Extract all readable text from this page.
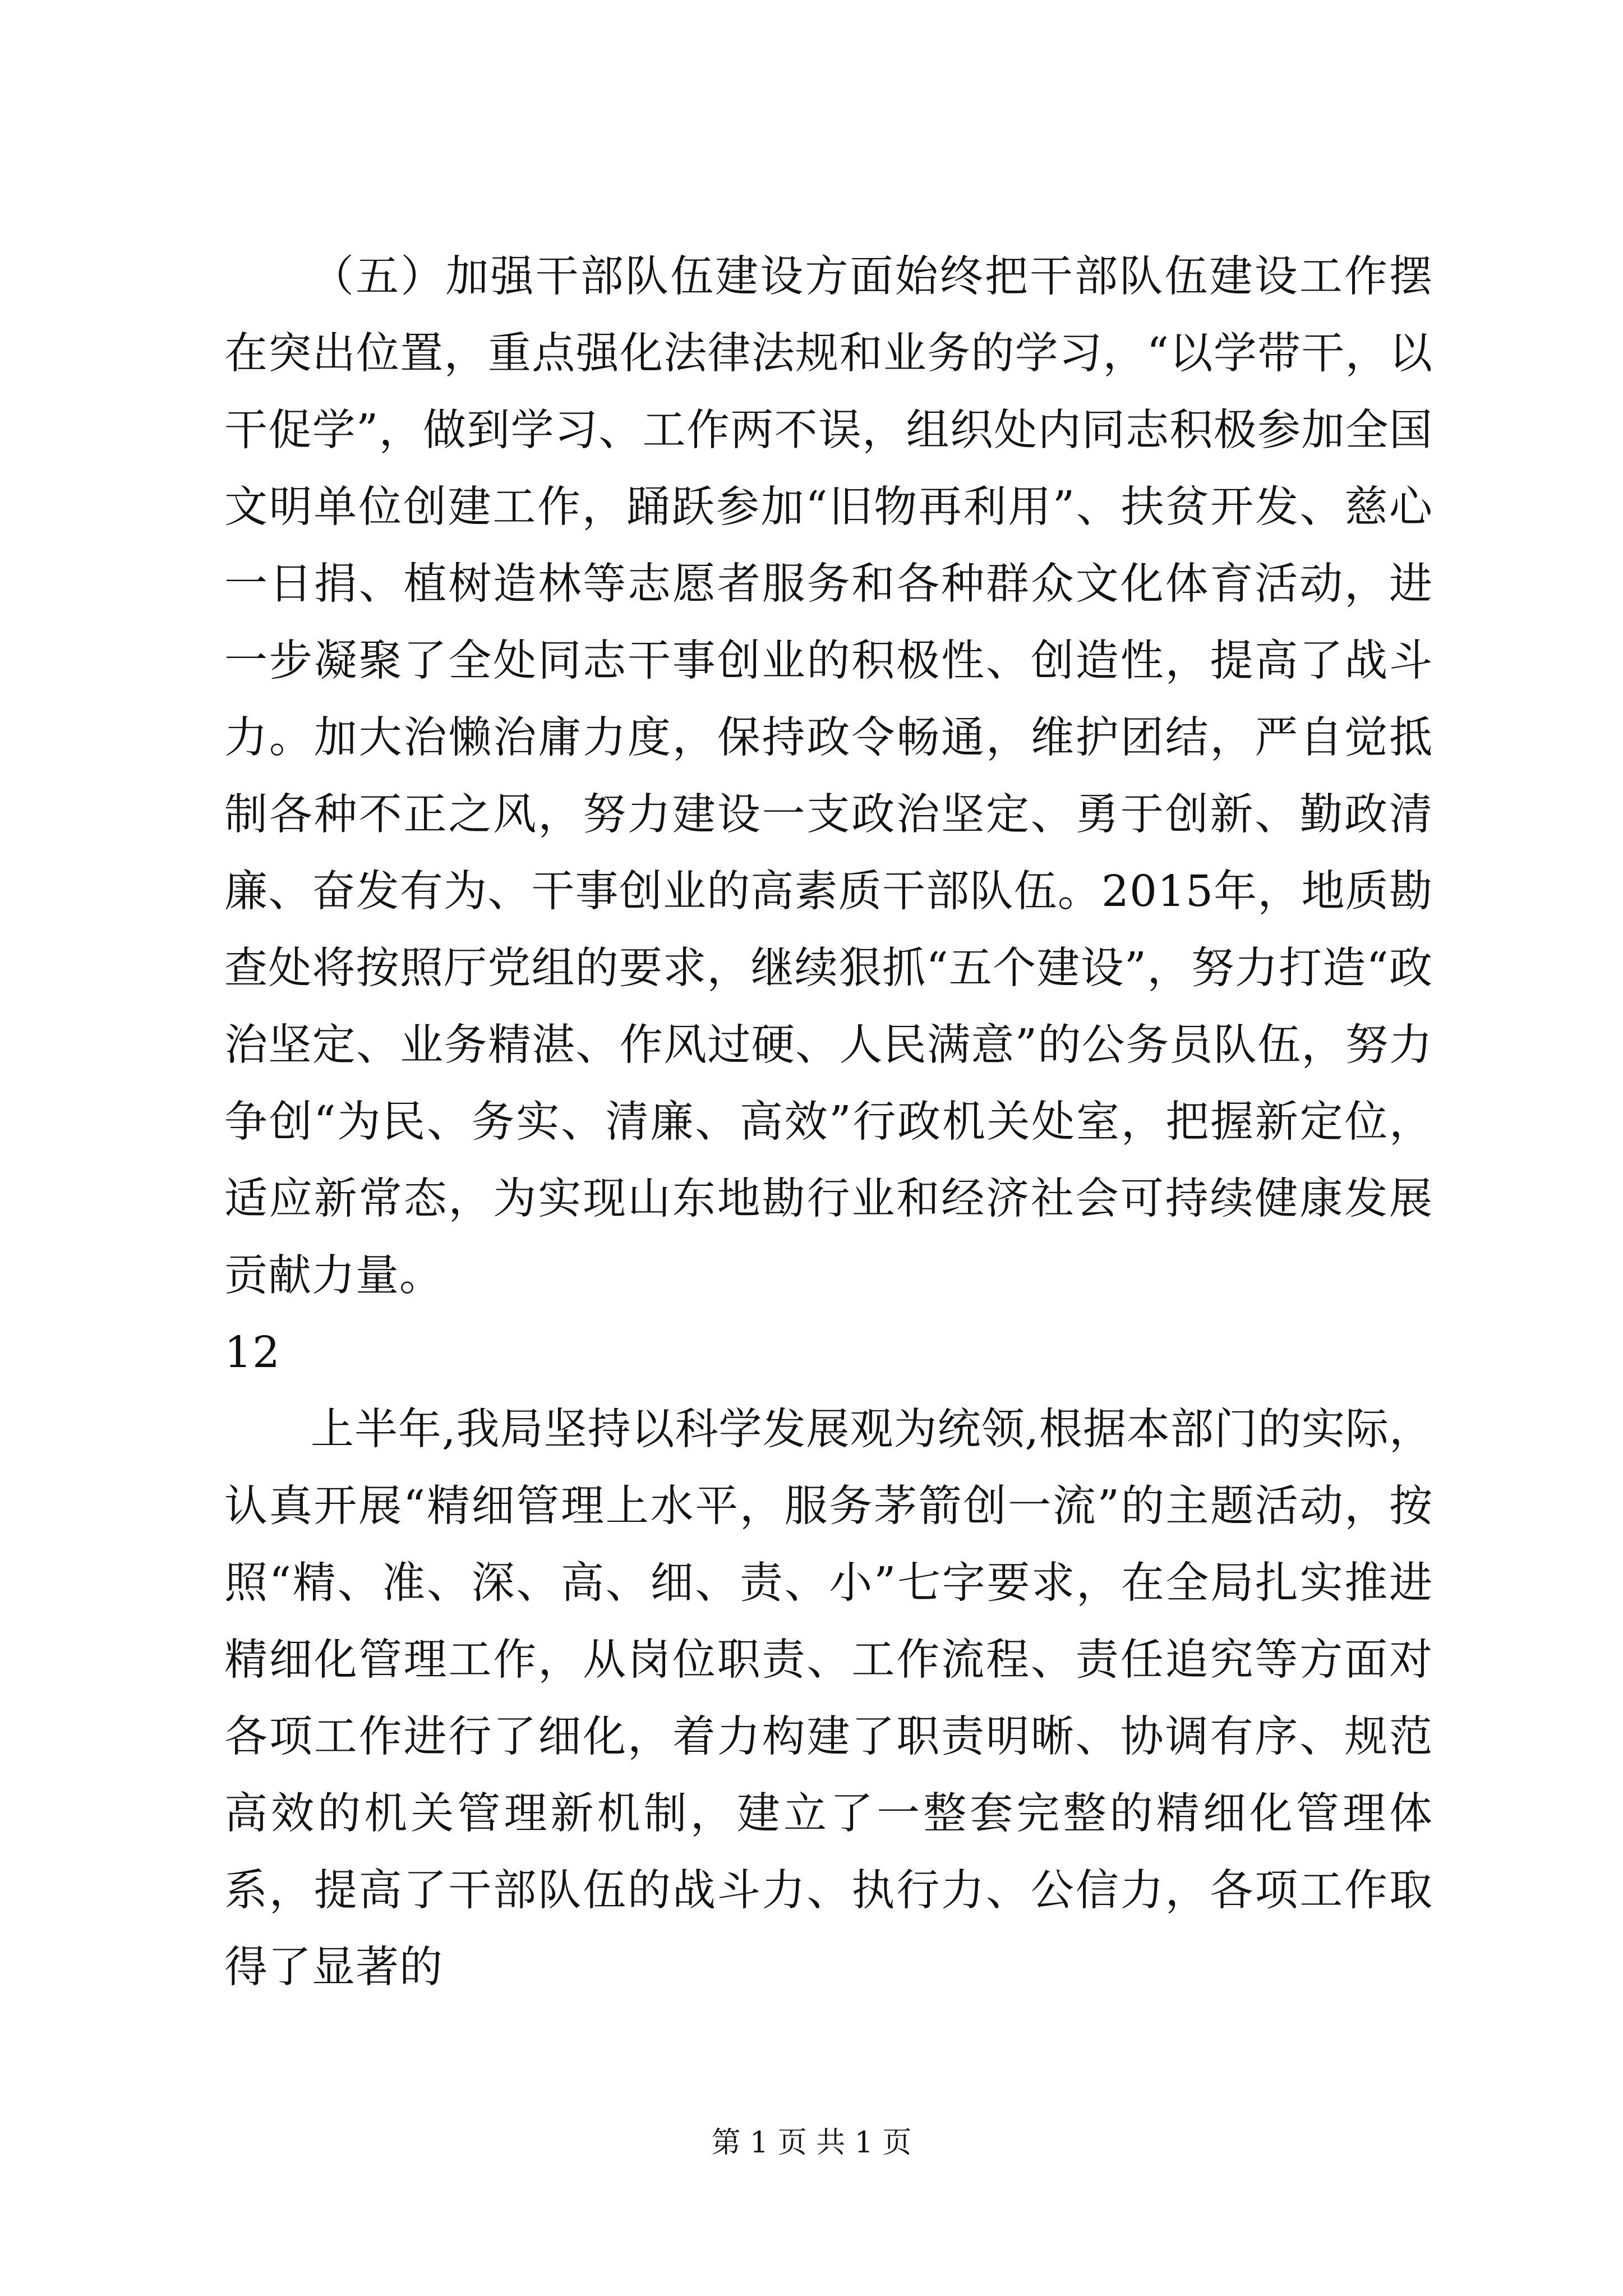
（五）加强干部队伍建设方面始终把干部队伍建设工作摆在突出位置，重点强化法律法规和业务的学习，“以学带干，以干促学”，做到学习、工作两不误，组织处内同志积极参加全国文明单位创建工作，踊跃参加“旧物再利用”、扶贫开发、慈心一日捐、植树造林等志愿者服务和各种群众文化体育活动，进一步凝聚了全处同志干事创业的积极性、创造性，提高了战斗力。加大治懒治庸力度，保持政令畅通，维护团结，严自觉抵制各种不正之风，努力建设一支政治坚定、勇于创新、勤政清廉、奋发有为、干事创业的高素质干部队伍。2015年，地质勘查处将按照厅党组的要求，继续狠抓“五个建设”，努力打造“政治坚定、业务精湛、作风过硬、人民满意”的公务员队伍，努力争创“为民、务实、清廉、高效”行政机关处室，把握新定位，适应新常态，为实现山东地勘行业和经济社会可持续健康发展贡献力量。

12

上半年,我局坚持以科学发展观为统领,根据本部门的实际，认真开展“精细管理上水平，服务茅箭创一流”的主题活动，按照“精、准、深、高、细、责、小”七字要求，在全局扎实推进精细化管理工作，从岗位职责、工作流程、责任追究等方面对各项工作进行了细化，着力构建了职责明晰、协调有序、规范高效的机关管理新机制，建立了一整套完整的精细化管理体系，提高了干部队伍的战斗力、执行力、公信力，各项工作取得了显著的

第 1 页 共 1 页
